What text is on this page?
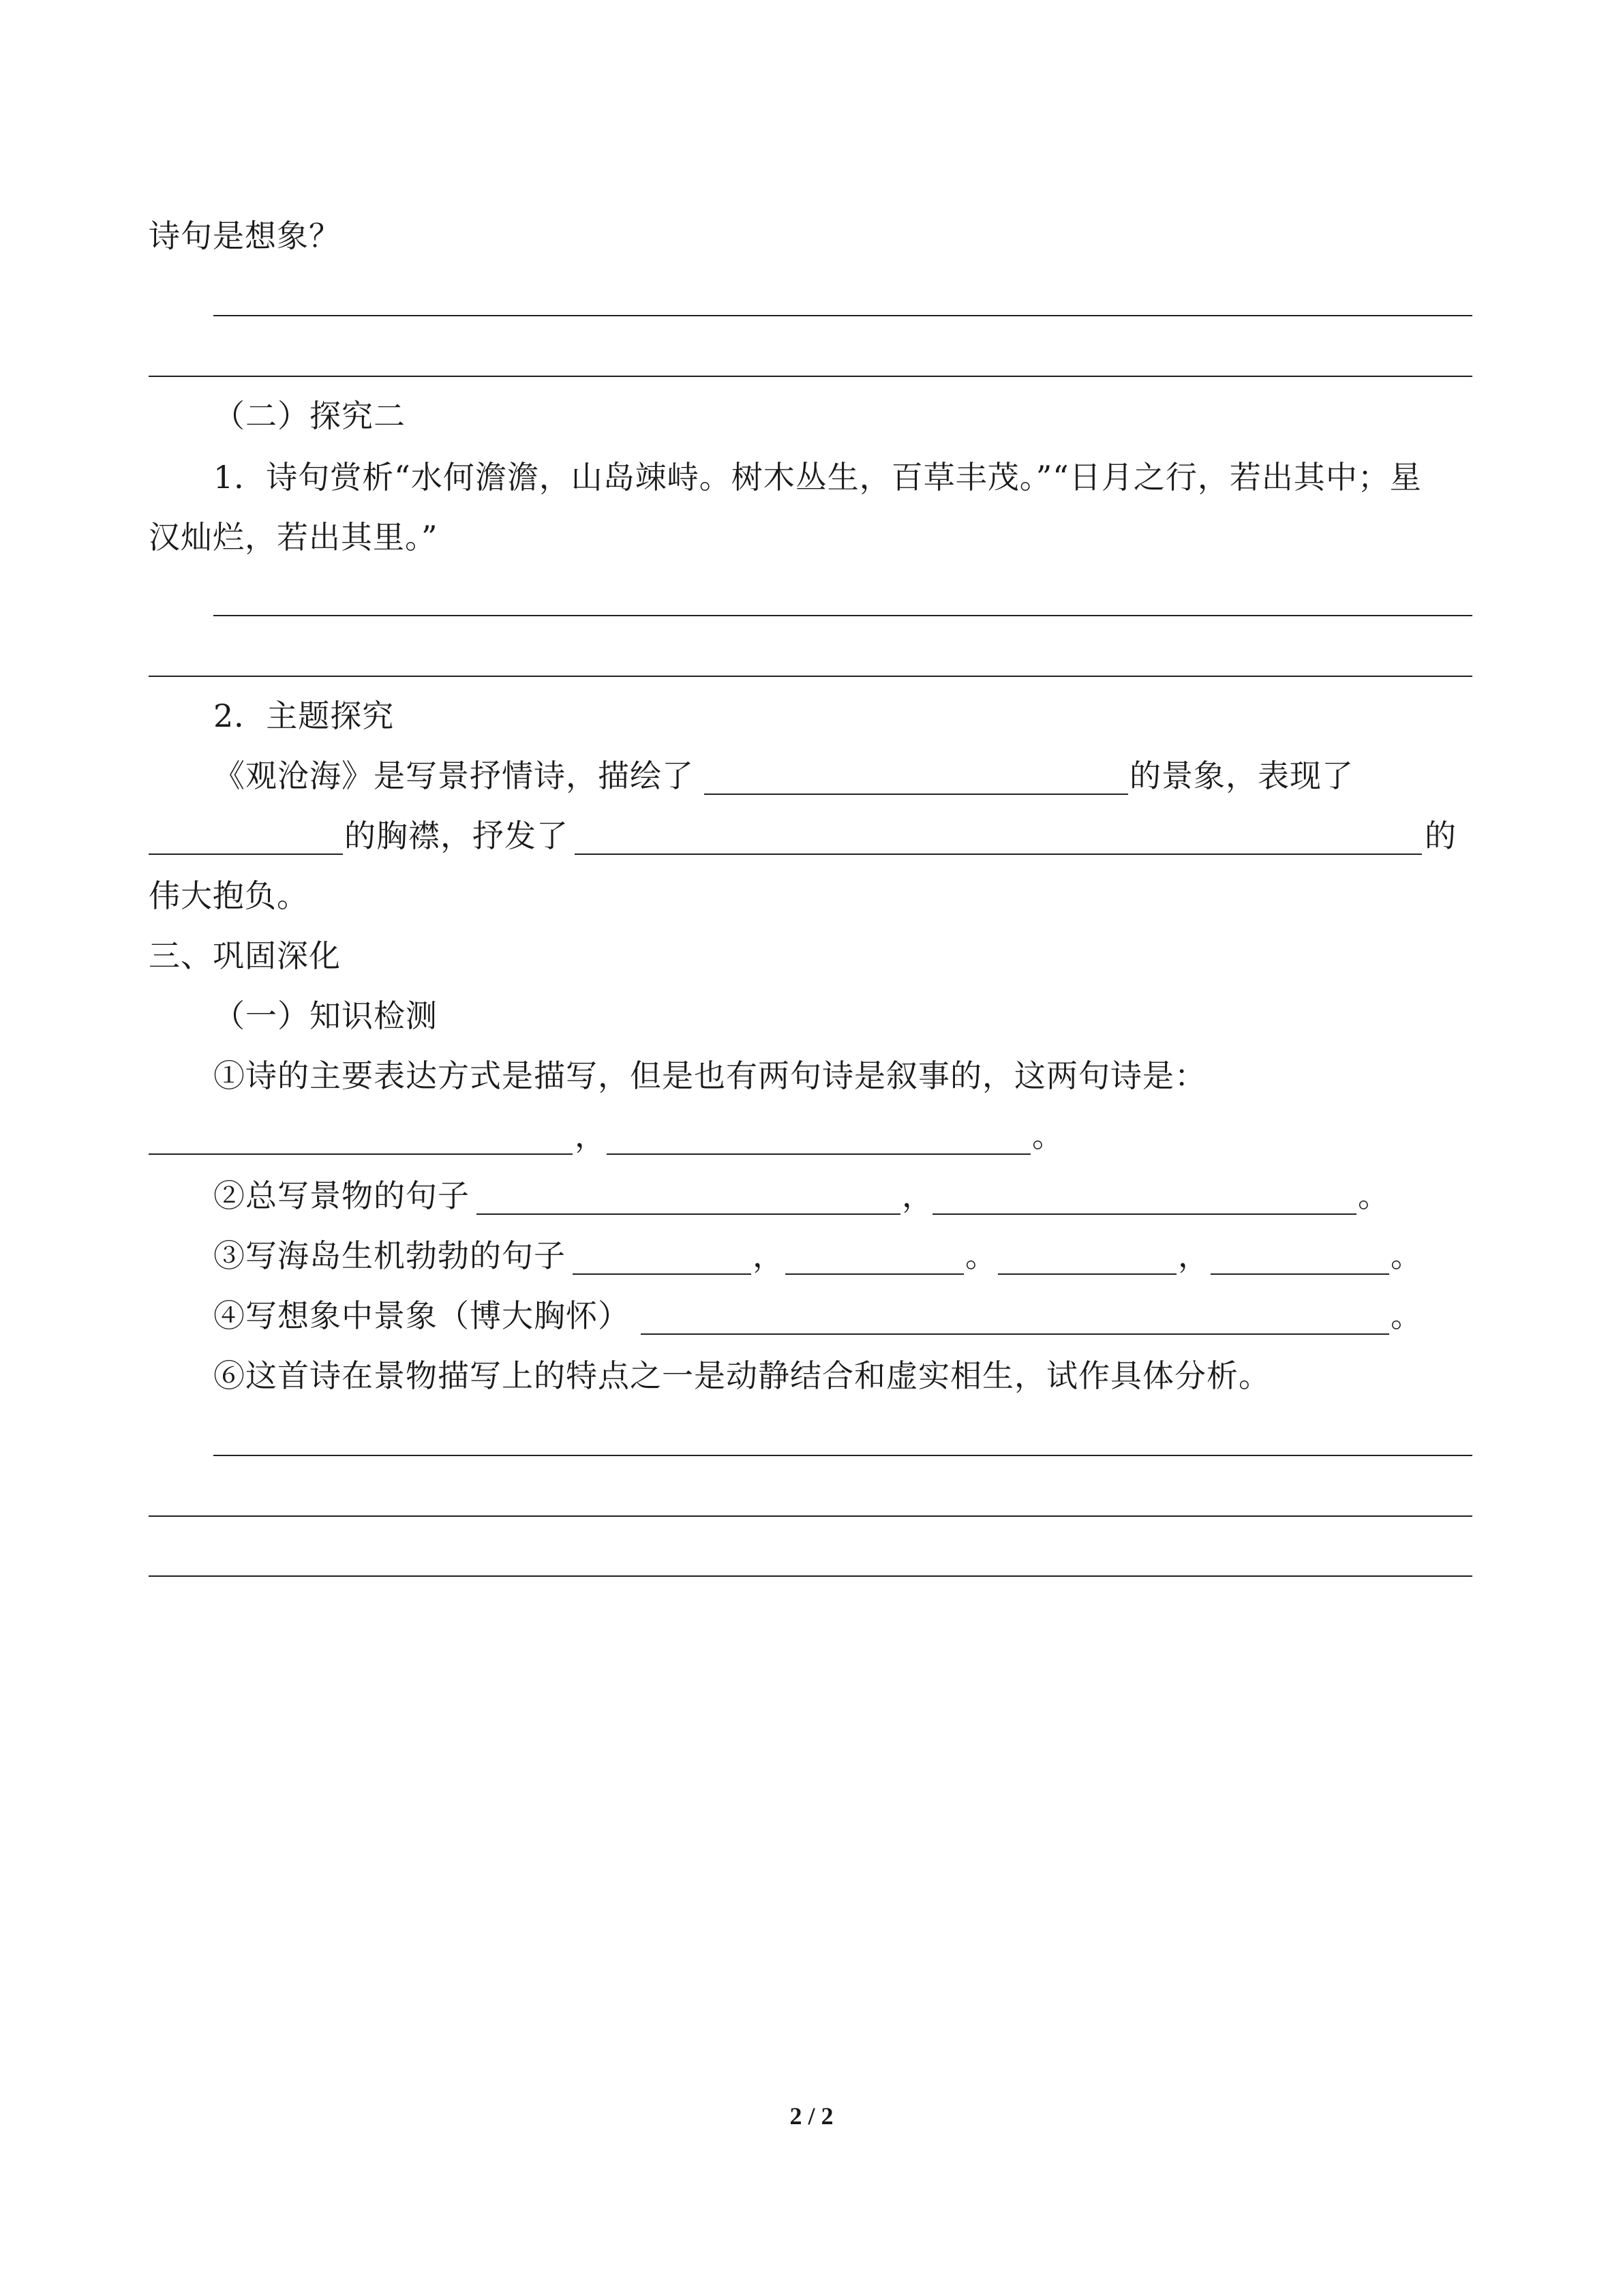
诗句是想象？
（二）探究二
1．诗句赏析“水何澹澹，山岛竦峙。树木丛生，百草丰茂。”“日月之行，若出其中；星
汉灿烂，若出其里。”
2．主题探究
《观沧海》是写景抒情诗，描绘了	的景象，表现了
的胸襟，抒发了	的
伟大抱负。
三、巩固深化
（一）知识检测
①诗的主要表达方式是描写，但是也有两句诗是叙事的，这两句诗是：
，	。
②总写景物的句子	，	。
③写海岛生机勃勃的句子	，	。	，	。
④写想象中景象（博大胸怀）	。
⑥这首诗在景物描写上的特点之一是动静结合和虚实相生，试作具体分析。
2 / 2
